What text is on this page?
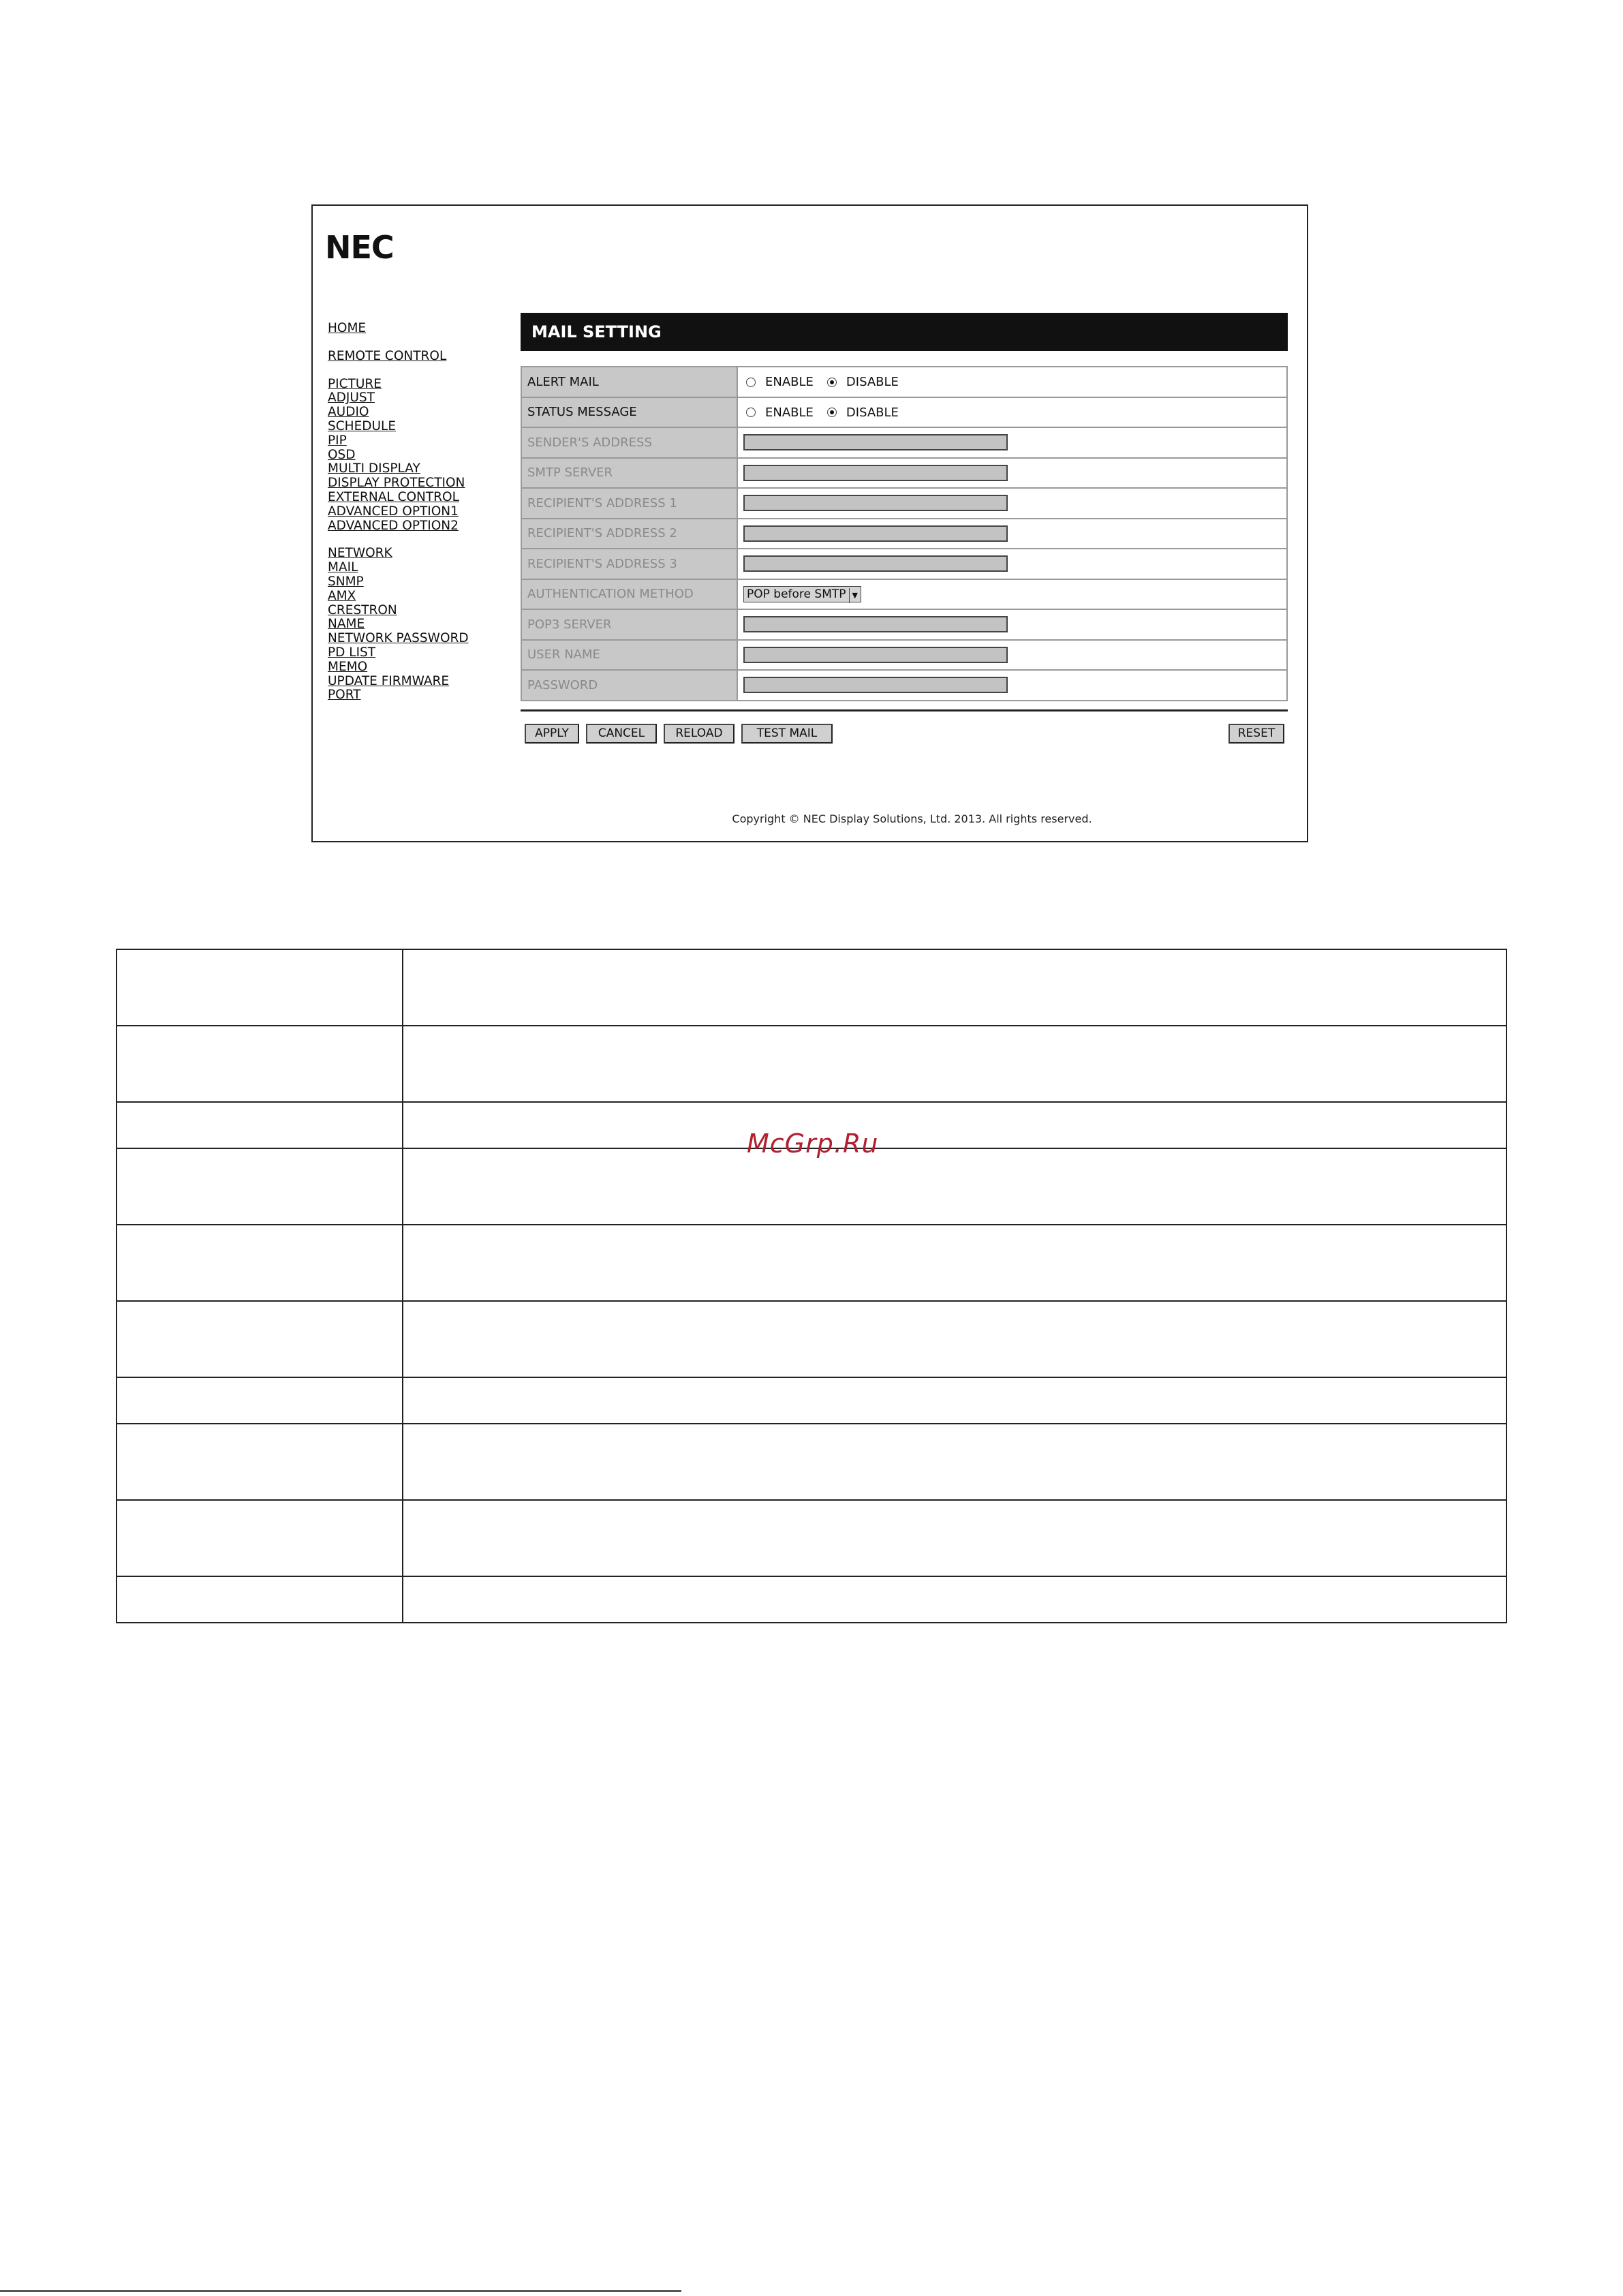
NEC
HOME
REMOTE CONTROL
PICTURE
ADJUST
AUDIO
SCHEDULE
PIP
OSD
MULTI DISPLAY
DISPLAY PROTECTION
EXTERNAL CONTROL
ADVANCED OPTION1
ADVANCED OPTION2
NETWORK
MAIL
SNMP
AMX
CRESTRON
NAME
NETWORK PASSWORD
PD LIST
MEMO
UPDATE FIRMWARE
PORT
MAIL SETTING
ALERT MAIL	ENABLE DISABLE
STATUS MESSAGE	ENABLE DISABLE
SENDER'S ADDRESS	
SMTP SERVER	
RECIPIENT'S ADDRESS 1	
RECIPIENT'S ADDRESS 2	
RECIPIENT'S ADDRESS 3	
AUTHENTICATION METHOD	POP before SMTP ▼
POP3 SERVER	
USER NAME	
PASSWORD	
APPLY	CANCEL	RELOAD	TEST MAIL	RESET
Copyright © NEC Display Solutions, Ltd. 2013. All rights reserved.

McGrp.Ru
